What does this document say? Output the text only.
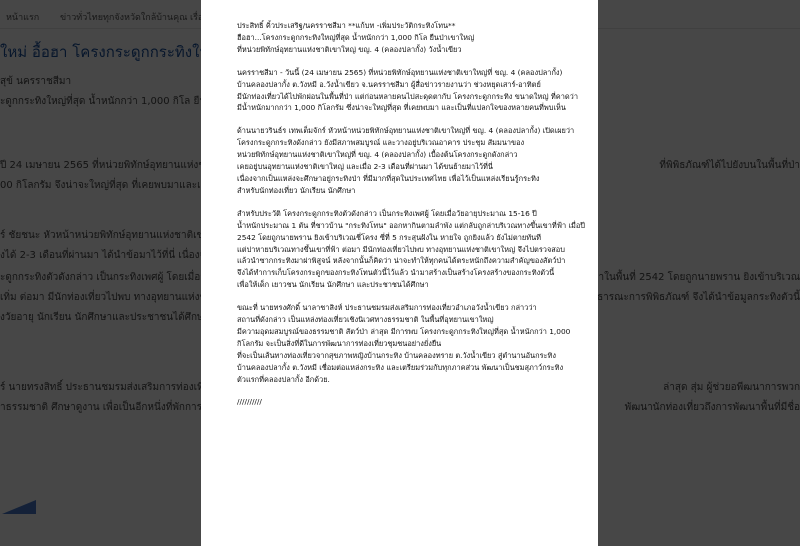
ประสิทธิ์ คิ้วประเสริฐ/นครราชสีมา **แก้บท -เพิ่มประวัติกระทิงโทน**
ฮือฮา...โครงกระดูกกระทิงใหญ่ที่สุด น้ำหนักกว่า 1,000 กิโล ยืนป่าเขาใหญ่
ที่หน่วยพิทักษ์อุทยานแห่งชาติเขาใหญ่ ขญ. 4 (คลองปลากั้ง) วังน้ำเขียว

นครราชสีมา - วันนี้ (24 เมษายน 2565) ที่หน่วยพิทักษ์อุทยานแห่งชาติเขาใหญ่ที่ ขญ. 4 (คลองปลากั้ง)
บ้านคลองปลากั้ง ต.วังหมี อ.วังน้ำเขียว จ.นครราชสีมา ผู้สื่อข่าวรายงานว่า ช่วงหยุดเสาร์-อาทิตย์
มีนักท่องเที่ยวได้ไปพักผ่อนในพื้นที่ป่า แต่ก่อนหลายคนไปสะดุดตากับ โครงกระดูกกระทิง ขนาดใหญ่ ที่คาดว่า
มีน้ำหนักมากกว่า 1,000 กิโลกรัม ซึ่งน่าจะใหญ่ที่สุด ที่เคยพบมา และเป็นที่แปลกใจของหลายคนที่พบเห็น

ด้านนายวรินธ์ร เทพเต็มจักร์ หัวหน้าหน่วยพิทักษ์อุทยานแห่งชาติเขาใหญ่ที่ ขญ. 4 (คลองปลากั้ง) เปิดเผยว่า
โครงกระดูกกระทิงดังกล่าว ยังมีสภาพสมบูรณ์ และวางอยู่บริเวณอาคาร ประชุม สัมมนาของ
หน่วยพิทักษ์อุทยานแห่งชาติเขาใหญ่ที่ ขญ. 4 (คลองปลากั้ง) เบื้องต้นโครงกระดูกดังกล่าว
เคยอยู่บนอุทยานแห่งชาติเขาใหญ่ และเมื่อ 2-3 เดือนที่ผ่านมา ได้ขนย้ายมาไว้ที่นี่
เนื่องจากเป็นแหล่งจะศึกษาอยู่กระทิงป่า ที่มีมากที่สุดในประเทศไทย เพื่อไว้เป็นแหล่งเรียนรู้กระทิง
สำหรับนักท่องเที่ยว นักเรียน นักศึกษา

สำหรับประวัติ โครงกระดูกกระทิงตัวดังกล่าว เป็นกระทิงเพศผู้ โดยเมื่อวัยอายุประมาณ 15-16 ปี
น้ำหนักประมาณ 1 ตัน ที่ชาวบ้าน "กระทิงโทน" ออกหากินตามลำพัง แต่กลับถูกล่าบริเวณทางขึ้นเขาที่ฟ้า เมื่อปี
2542 โดยถูกนายพราน ยิงเข้าบริเวณชี่โครง ซี่ที่ 5 กระสุนฝังใน หายใจ ถูกยิงแล้ว ยังไม่ตายทันที
แต่ปาหายบริเวณทางขึ้นเขาที่ฟ้า ต่อมา มีนักท่องเที่ยวไปพบ ทางอุทยานแห่งชาติเขาใหญ่ จึงไปตรวจสอบ
แล้วนำซากกระทิงมาผ่าพิสูจน์ หลังจากนั้นก็คิดว่า น่าจะทำให้ทุกคนได้ตระหนักถึงความสำคัญของสัตว์ป่า
จึงได้ทำการเก็บโครงกระดูกของกระทิงโทนตัวนี้ไว้แล้ว นำมาสร้างเป็นสร้างโครงสร้างของกระทิงตัวนี้
เพื่อให้เด็ก เยาวชน นักเรียน นักศึกษา และประชาชนได้ศึกษา

ขณะที่ นายทรงศักดิ์ นาลาชาสิงห์ ประธานชมรมส่งเสริมการท่องเที่ยวอำเภอวังน้ำเขียว กล่าวว่า
สถานที่ดังกล่าว เป็นแหล่งท่องเที่ยวเชิงนิเวศทางธรรมชาติ ในพื้นที่อุทยานเขาใหญ่
มีความอุดมสมบูรณ์ของธรรมชาติ สัตว์ป่า ล่าสุด มีการพบ โครงกระดูกกระทิงใหญ่ที่สุด น้ำหนักกว่า 1,000
กิโลกรัม จะเป็นสิ่งที่ดีในการพัฒนาการท่องเที่ยวชุมชนอย่างยั่งยืน
ที่จะเป็นเส้นทางท่องเที่ยวจากสุขภาพหญิงบ้านกระทิง บ้านคลองทราย ต.วังน้ำเขียว สู่ตำนานอันกระทิง
บ้านคลองปลากั้ง ต.วังหมี เชื่อมต่อแหล่งกระทิง และเตรียมร่วมกับทุกภาคส่วน พัฒนาเป็นชมสุภาว์กระทิง
ตัวแรกที่คลองปลากั้ง อีกด้วย.

//////////
